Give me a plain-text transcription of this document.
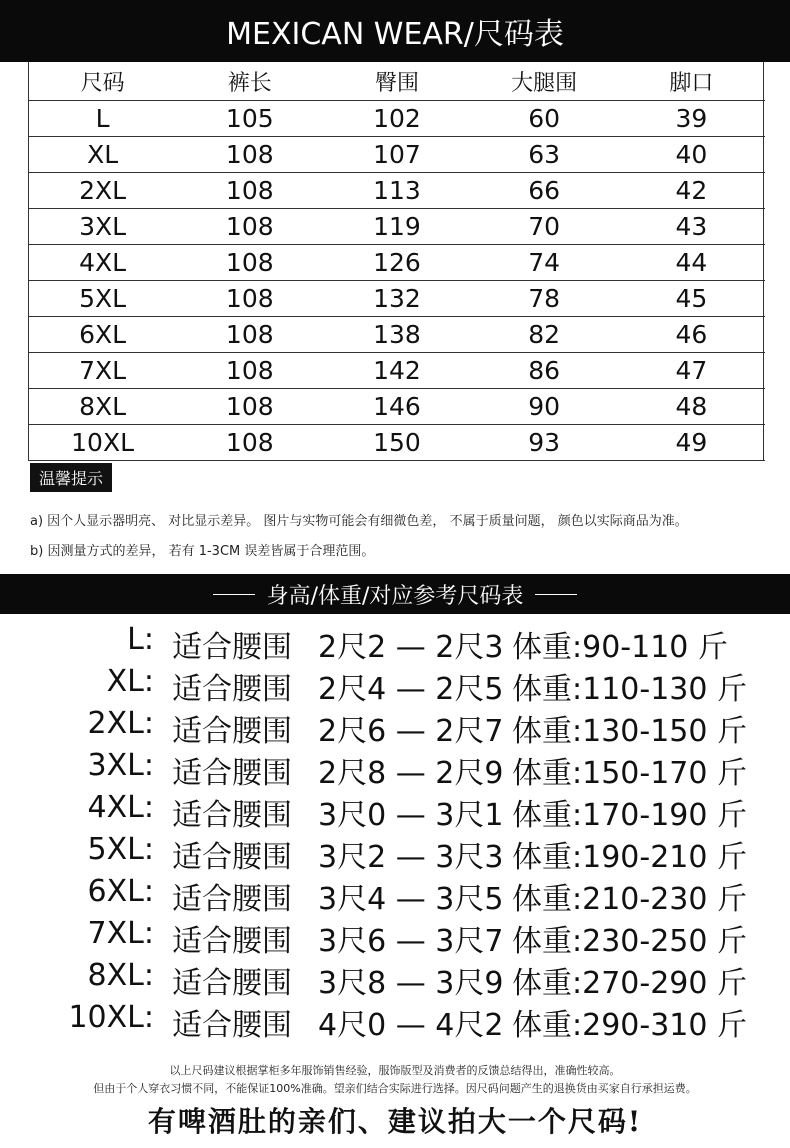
MEXICAN WEAR/尺码表
尺码	裤长	臀围	大腿围	脚口
L	105	102	60	39
XL	108	107	63	40
2XL	108	113	66	42
3XL	108	119	70	43
4XL	108	126	74	44
5XL	108	132	78	45
6XL	108	138	82	46
7XL	108	142	86	47
8XL	108	146	90	48
10XL	108	150	93	49
温馨提示
a) 因个人显示器明亮、 对比显示差异。 图片与实物可能会有细微色差， 不属于质量问题， 颜色以实际商品为准。
b) 因测量方式的差异， 若有 1-3CM 误差皆属于合理范围。
身高/体重/对应参考尺码表
L: 适合腰围 2尺2 — 2尺3 体重:90-110 斤
XL: 适合腰围 2尺4 — 2尺5 体重:110-130 斤
2XL: 适合腰围 2尺6 — 2尺7 体重:130-150 斤
3XL: 适合腰围 2尺8 — 2尺9 体重:150-170 斤
4XL: 适合腰围 3尺0 — 3尺1 体重:170-190 斤
5XL: 适合腰围 3尺2 — 3尺3 体重:190-210 斤
6XL: 适合腰围 3尺4 — 3尺5 体重:210-230 斤
7XL: 适合腰围 3尺6 — 3尺7 体重:230-250 斤
8XL: 适合腰围 3尺8 — 3尺9 体重:270-290 斤
10XL: 适合腰围 4尺0 — 4尺2 体重:290-310 斤
以上尺码建议根据掌柜多年服饰销售经验，服饰版型及消费者的反馈总结得出，准确性较高。
但由于个人穿衣习惯不同，不能保证100%准确。望亲们结合实际进行选择。因尺码问题产生的退换货由买家自行承担运费。
有啤酒肚的亲们、建议拍大一个尺码!
